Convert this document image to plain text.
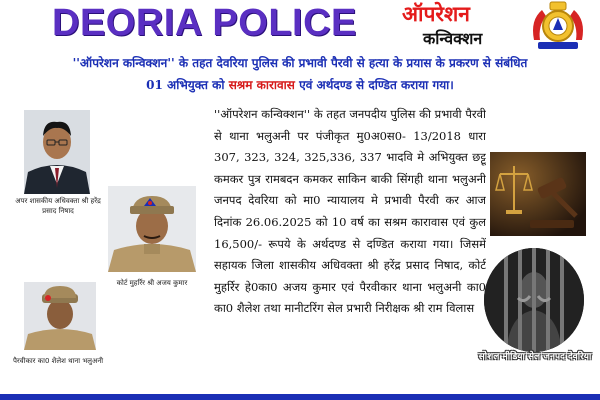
DEORIA POLICE ऑपरेशन
कन्विक्शन
''ऑपरेशन कन्विक्शन'' के तहत देवरिया पुलिस की प्रभावी पैरवी से हत्या के प्रयास के प्रकरण से संबंधित
01 अभियुक्त को सश्रम कारावास एवं अर्थदण्ड से दण्डित कराया गया।
अपर शासकीय अधिवक्ता श्री हरेंद्र प्रसाद निषाद
कोर्ट मुहर्रिर श्री अजय कुमार
पैरवीकार का0 शैलेश थाना भलुअनी

''ऑपरेशन कन्विक्शन'' के तहत जनपदीय पुलिस की प्रभावी पैरवी से थाना भलुअनी पर पंजीकृत मु0अ0स0- 13/2018 धारा 307, 323, 324, 325,336, 337 भादवि मे अभियुक्त छट्टू कमकर पुत्र रामबदन कमकर साकिन बाकी सिंगही थाना भलुअनी जनपद देवरिया को मा0 न्यायालय मे प्रभावी पैरवी कर आज दिनांक 26.06.2025 को 10 वर्ष का सश्रम कारावास एवं कुल 16,500/- रूपये के अर्थदण्ड से दण्डित कराया गया। जिसमें सहायक जिला शासकीय अधिवक्ता श्री हरेंद्र प्रसाद निषाद, कोर्ट मुहर्रिर हे0का0 अजय कुमार एवं पैरवीकार थाना भलुअनी का0 का0 शैलेश तथा मानीटरिंग सेल प्रभारी निरीक्षक श्री राम विलास

सोशल मीडिया सेल जनपद देवरिया
